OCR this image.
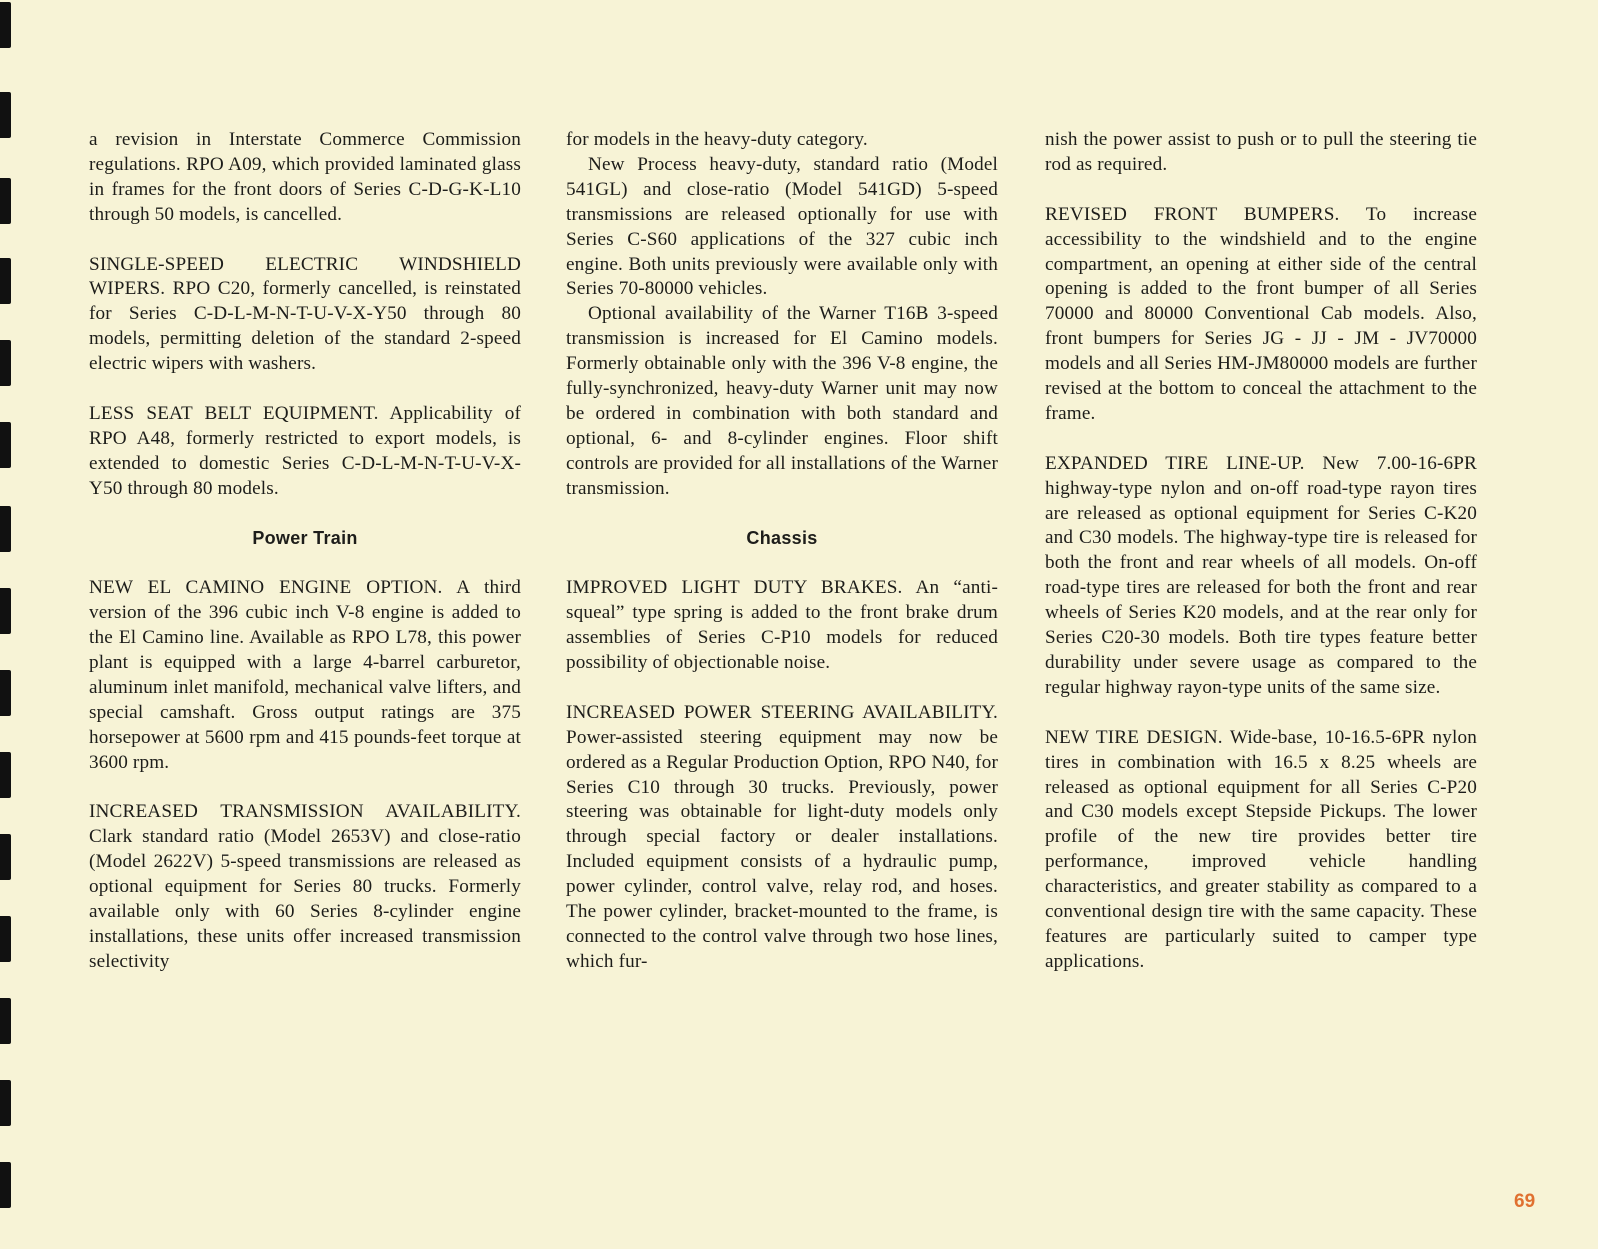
a revision in Interstate Commerce Commission regulations. RPO A09, which provided laminated glass in frames for the front doors of Series C-D-G-K-L10 through 50 models, is cancelled.

SINGLE-SPEED ELECTRIC WINDSHIELD WIPERS. RPO C20, formerly cancelled, is reinstated for Series C-D-L-M-N-T-U-V-X-Y50 through 80 models, permitting deletion of the standard 2-speed electric wipers with washers.

LESS SEAT BELT EQUIPMENT. Applicability of RPO A48, formerly restricted to export models, is extended to domestic Series C-D-L-M-N-T-U-V-X-Y50 through 80 models.

Power Train

NEW EL CAMINO ENGINE OPTION. A third version of the 396 cubic inch V-8 engine is added to the El Camino line. Available as RPO L78, this power plant is equipped with a large 4-barrel carburetor, aluminum inlet manifold, mechanical valve lifters, and special camshaft. Gross output ratings are 375 horsepower at 5600 rpm and 415 pounds-feet torque at 3600 rpm.

INCREASED TRANSMISSION AVAILABILITY. Clark standard ratio (Model 2653V) and close-ratio (Model 2622V) 5-speed transmissions are released as optional equipment for Series 80 trucks. Formerly available only with 60 Series 8-cylinder engine installations, these units offer increased transmission selectivity

for models in the heavy-duty category.

New Process heavy-duty, standard ratio (Model 541GL) and close-ratio (Model 541GD) 5-speed transmissions are released optionally for use with Series C-S60 applications of the 327 cubic inch engine. Both units previously were available only with Series 70-80000 vehicles.

Optional availability of the Warner T16B 3-speed transmission is increased for El Camino models. Formerly obtainable only with the 396 V-8 engine, the fully-synchronized, heavy-duty Warner unit may now be ordered in combination with both standard and optional, 6- and 8-cylinder engines. Floor shift controls are provided for all installations of the Warner transmission.

Chassis

IMPROVED LIGHT DUTY BRAKES. An “anti-squeal” type spring is added to the front brake drum assemblies of Series C-P10 models for reduced possibility of objectionable noise.

INCREASED POWER STEERING AVAILABILITY. Power-assisted steering equipment may now be ordered as a Regular Production Option, RPO N40, for Series C10 through 30 trucks. Previously, power steering was obtainable for light-duty models only through special factory or dealer installations. Included equipment consists of a hydraulic pump, power cylinder, control valve, relay rod, and hoses. The power cylinder, bracket-mounted to the frame, is connected to the control valve through two hose lines, which fur-

nish the power assist to push or to pull the steering tie rod as required.

REVISED FRONT BUMPERS. To increase accessibility to the windshield and to the engine compartment, an opening at either side of the central opening is added to the front bumper of all Series 70000 and 80000 Conventional Cab models. Also, front bumpers for Series JG - JJ - JM - JV70000 models and all Series HM-JM80000 models are further revised at the bottom to conceal the attachment to the frame.

EXPANDED TIRE LINE-UP. New 7.00-16-6PR highway-type nylon and on-off road-type rayon tires are released as optional equipment for Series C-K20 and C30 models. The highway-type tire is released for both the front and rear wheels of all models. On-off road-type tires are released for both the front and rear wheels of Series K20 models, and at the rear only for Series C20-30 models. Both tire types feature better durability under severe usage as compared to the regular highway rayon-type units of the same size.

NEW TIRE DESIGN. Wide-base, 10-16.5-6PR nylon tires in combination with 16.5 x 8.25 wheels are released as optional equipment for all Series C-P20 and C30 models except Stepside Pickups. The lower profile of the new tire provides better tire performance, improved vehicle handling characteristics, and greater stability as compared to a conventional design tire with the same capacity. These features are particularly suited to camper type applications.

69
